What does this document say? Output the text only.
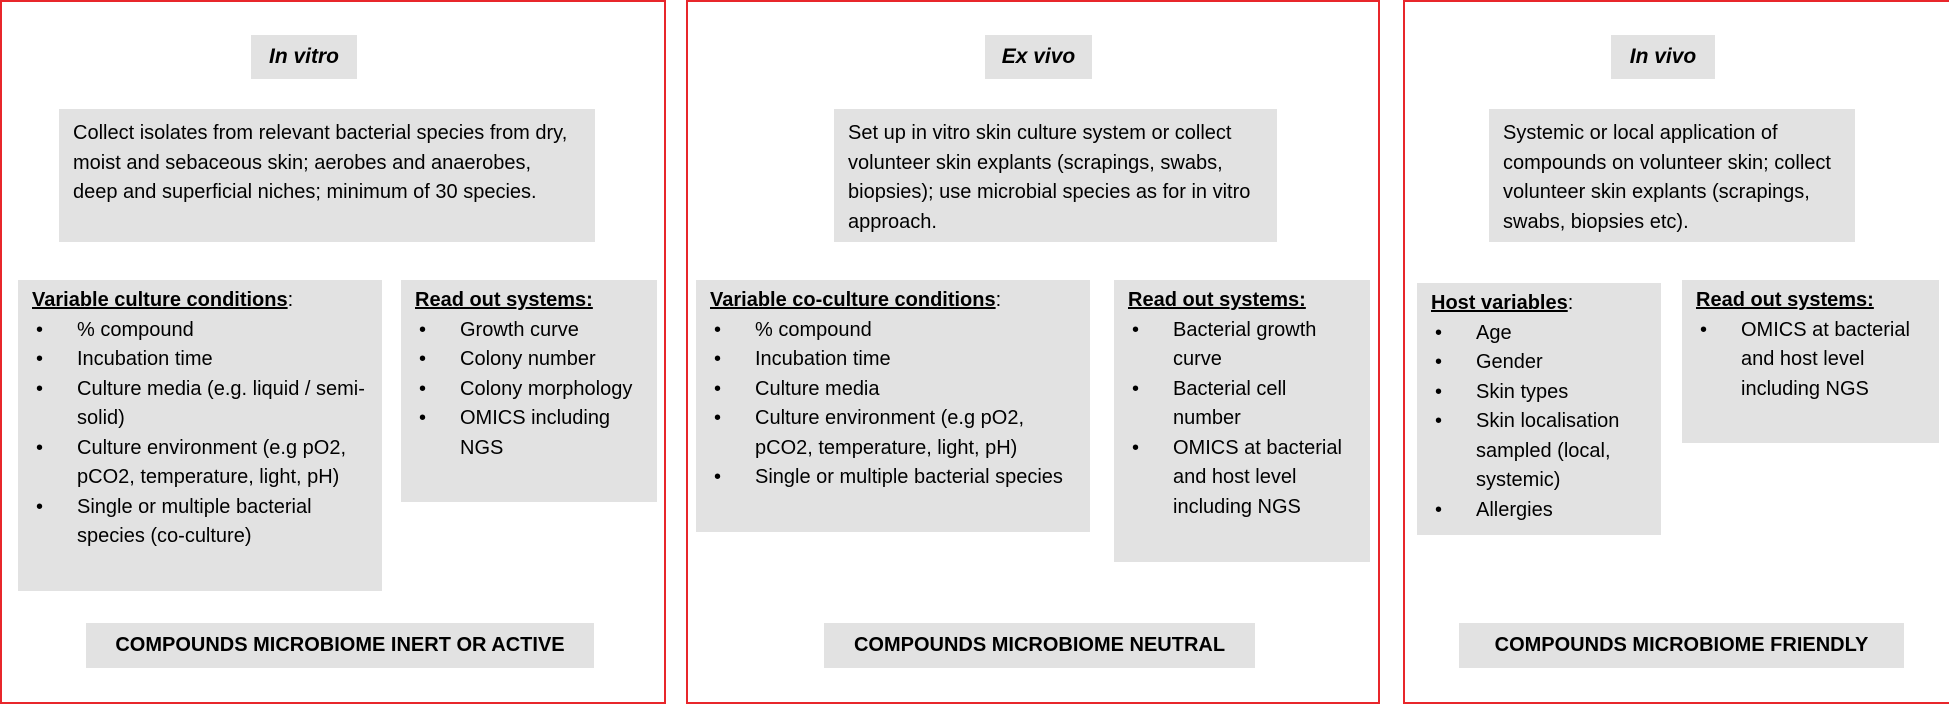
In vitro
Collect isolates from relevant bacterial species from dry, moist and sebaceous skin; aerobes and anaerobes, deep and superficial niches; minimum of 30 species.
Variable culture conditions:
• % compound
• Incubation time
• Culture media (e.g. liquid / semi-solid)
• Culture environment (e.g pO2, pCO2, temperature, light, pH)
• Single or multiple bacterial species (co-culture)
Read out systems:
• Growth curve
• Colony number
• Colony morphology
• OMICS including NGS
COMPOUNDS MICROBIOME INERT OR ACTIVE
Ex vivo
Set up in vitro skin culture system or collect volunteer skin explants (scrapings, swabs, biopsies); use microbial species as for in vitro approach.
Variable co-culture conditions:
• % compound
• Incubation time
• Culture media
• Culture environment (e.g pO2, pCO2, temperature, light, pH)
• Single or multiple bacterial species
Read out systems:
• Bacterial growth curve
• Bacterial cell number
• OMICS at bacterial and host level including NGS
COMPOUNDS MICROBIOME NEUTRAL
In vivo
Systemic or local application of compounds on volunteer skin; collect volunteer skin explants (scrapings, swabs, biopsies etc).
Host variables:
• Age
• Gender
• Skin types
• Skin localisation sampled (local, systemic)
• Allergies
Read out systems:
• OMICS at bacterial and host level including NGS
COMPOUNDS MICROBIOME FRIENDLY
